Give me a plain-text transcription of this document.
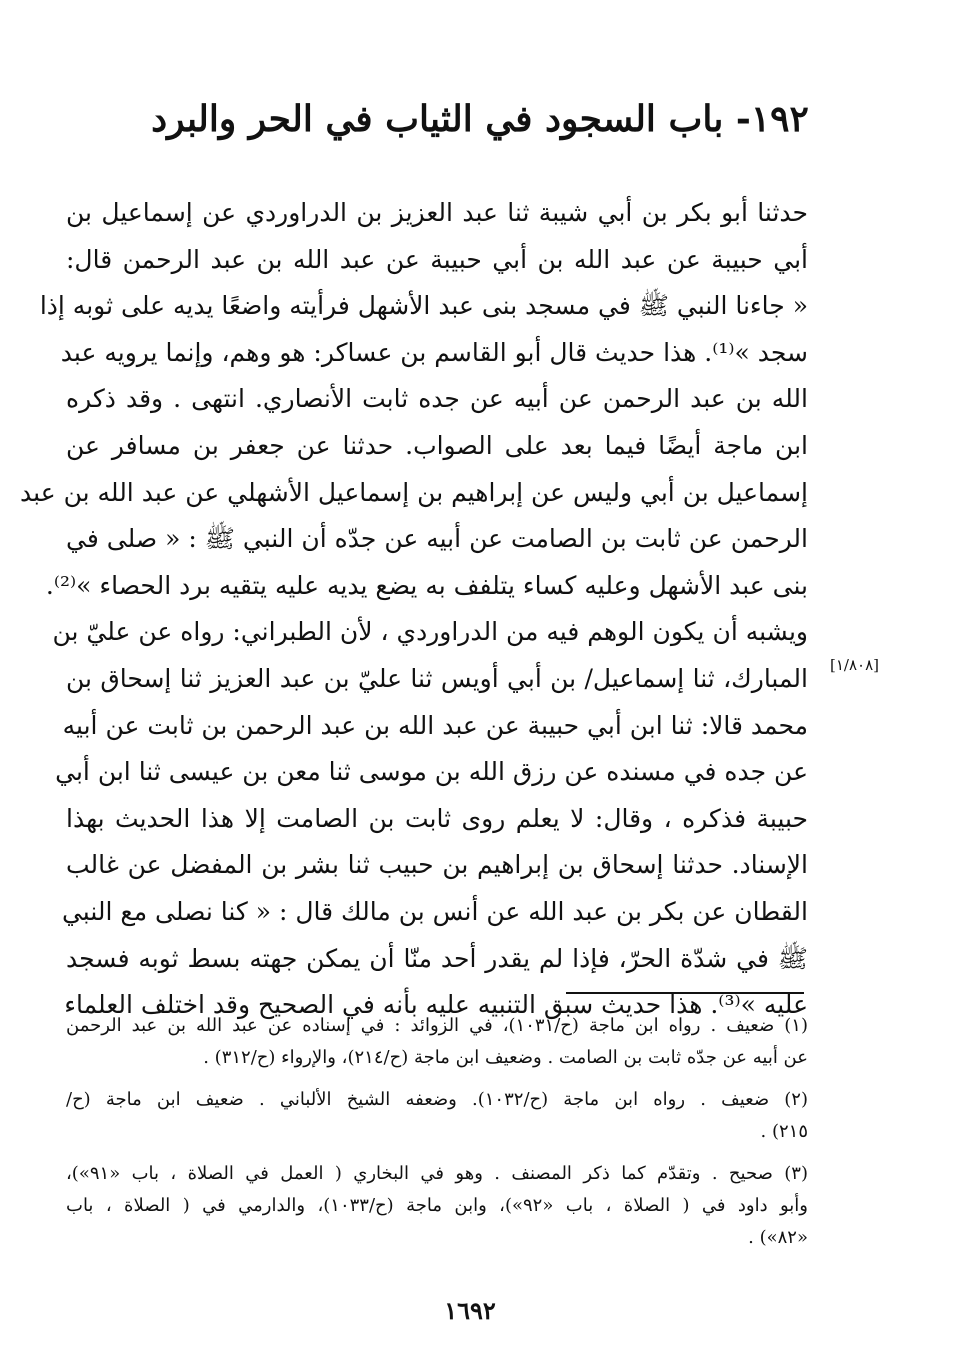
١٩٢- باب السجود في الثياب في الحر والبرد
حدثنا أبو بكر بن أبي شيبة ثنا عبد العزيز بن الدراوردي عن إسماعيل بن
أبي حبيبة عن عبد الله بن أبي حبيبة عن عبد الله بن عبد الرحمن قال:
« جاءنا النبي ﷺ في مسجد بنى عبد الأشهل فرأيته واضعًا يديه على ثوبه إذا
سجد »⁽¹⁾. هذا حديث قال أبو القاسم بن عساكر: هو وهم، وإنما يرويه عبد
الله بن عبد الرحمن عن أبيه عن جده ثابت الأنصاري. انتهى . وقد ذكره
ابن ماجة أيضًا فيما بعد على الصواب. حدثنا عن جعفر بن مسافر عن
إسماعيل بن أبي وليس عن إبراهيم بن إسماعيل الأشهلي عن عبد الله بن عبد
الرحمن عن ثابت بن الصامت عن أبيه عن جدّه أن النبي ﷺ : « صلى في
بنى عبد الأشهل وعليه كساء يتلفف به يضع يديه عليه يتقيه برد الحصاء »⁽²⁾.
ويشبه أن يكون الوهم فيه من الدراوردي ، لأن الطبراني: رواه عن عليّ بن
المبارك، ثنا إسماعيل/ بن أبي أويس ثنا عليّ بن عبد العزيز ثنا إسحاق بن
محمد قالا: ثنا ابن أبي حبيبة عن عبد الله بن عبد الرحمن بن ثابت عن أبيه
عن جده في مسنده عن رزق الله بن موسى ثنا معن بن عيسى ثنا ابن أبي
حبيبة فذكره ، وقال: لا يعلم روى ثابت بن الصامت إلا هذا الحديث بهذا
الإسناد. حدثنا إسحاق بن إبراهيم بن حبيب ثنا بشر بن المفضل عن غالب
القطان عن بكر بن عبد الله عن أنس بن مالك قال : « كنا نصلى مع النبي
ﷺ في شدّة الحرّ، فإذا لم يقدر أحد منّا أن يمكن جهته بسط ثوبه فسجد
عليه »⁽³⁾. هذا حديث سبق التنبيه عليه بأنه في الصحيح وقد اختلف العلماء
[١/٨٠٨]
(١) ضعيف . رواه ابن ماجة (ح/١٠٣١)، في الزوائد : في إسناده عن عبد الله بن عبد الرحمن
عن أبيه عن جدّه ثابت بن الصامت . وضعيف ابن ماجة (ح/٢١٤)، والإرواء (ح/٣١٢) .
(٢) ضعيف . رواه ابن ماجة (ح/١٠٣٢). وضعفه الشيخ الألباني . ضعيف ابن ماجة (ح/
٢١٥) .
(٣) صحيح . وتقدّم كما ذكر المصنف . وهو في البخاري ( العمل في الصلاة ، باب «٩١»)،
وأبو داود في ( الصلاة ، باب «٩٢»)، وابن ماجة (ح/١٠٣٣)، والدارمي في ( الصلاة ، باب
«٨٢») .
١٦٩٢
